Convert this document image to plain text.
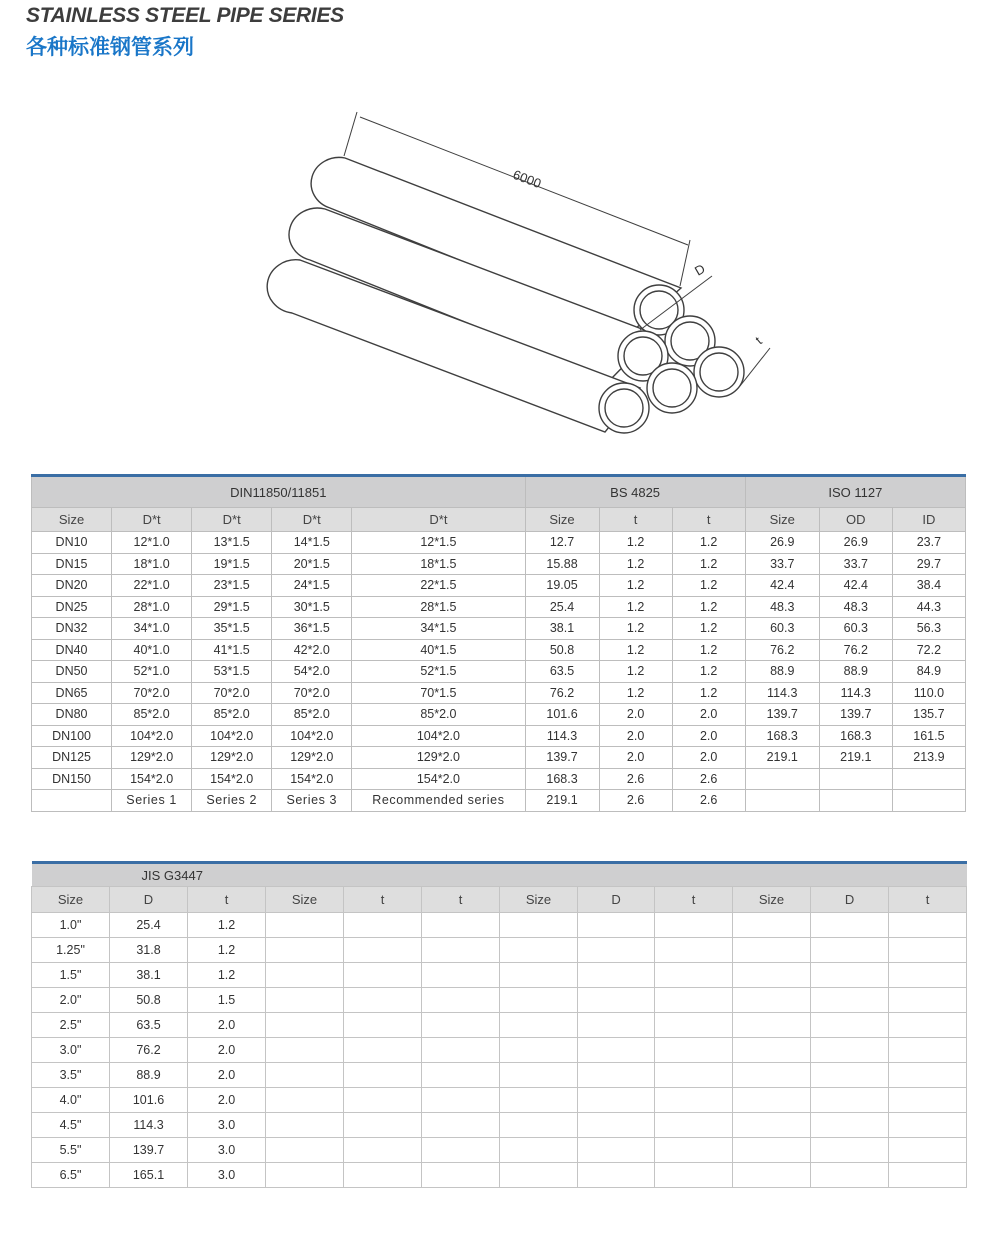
STAINLESS STEEL PIPE SERIES
各种标准钢管系列
6000
D
t
DIN11850/11851					BS 4825			ISO 1127		
Size	D*t	D*t	D*t	D*t	Size	t	t	Size	OD	ID
DN10	12*1.0	13*1.5	14*1.5	12*1.5	12.7	1.2	1.2	26.9	26.9	23.7
DN15	18*1.0	19*1.5	20*1.5	18*1.5	15.88	1.2	1.2	33.7	33.7	29.7
DN20	22*1.0	23*1.5	24*1.5	22*1.5	19.05	1.2	1.2	42.4	42.4	38.4
DN25	28*1.0	29*1.5	30*1.5	28*1.5	25.4	1.2	1.2	48.3	48.3	44.3
DN32	34*1.0	35*1.5	36*1.5	34*1.5	38.1	1.2	1.2	60.3	60.3	56.3
DN40	40*1.0	41*1.5	42*2.0	40*1.5	50.8	1.2	1.2	76.2	76.2	72.2
DN50	52*1.0	53*1.5	54*2.0	52*1.5	63.5	1.2	1.2	88.9	88.9	84.9
DN65	70*2.0	70*2.0	70*2.0	70*1.5	76.2	1.2	1.2	114.3	114.3	110.0
DN80	85*2.0	85*2.0	85*2.0	85*2.0	101.6	2.0	2.0	139.7	139.7	135.7
DN100	104*2.0	104*2.0	104*2.0	104*2.0	114.3	2.0	2.0	168.3	168.3	161.5
DN125	129*2.0	129*2.0	129*2.0	129*2.0	139.7	2.0	2.0	219.1	219.1	213.9
DN150	154*2.0	154*2.0	154*2.0	154*2.0	168.3	2.6	2.6			
	Series 1	Series 2	Series 3	Recommended series	219.1	2.6	2.6			
JIS G3447											
Size	D	t	Size	t	t	Size	D	t	Size	D	t
1.0"	25.4	1.2									
1.25"	31.8	1.2									
1.5"	38.1	1.2									
2.0"	50.8	1.5									
2.5"	63.5	2.0									
3.0"	76.2	2.0									
3.5"	88.9	2.0									
4.0"	101.6	2.0									
4.5"	114.3	3.0									
5.5"	139.7	3.0									
6.5"	165.1	3.0									
